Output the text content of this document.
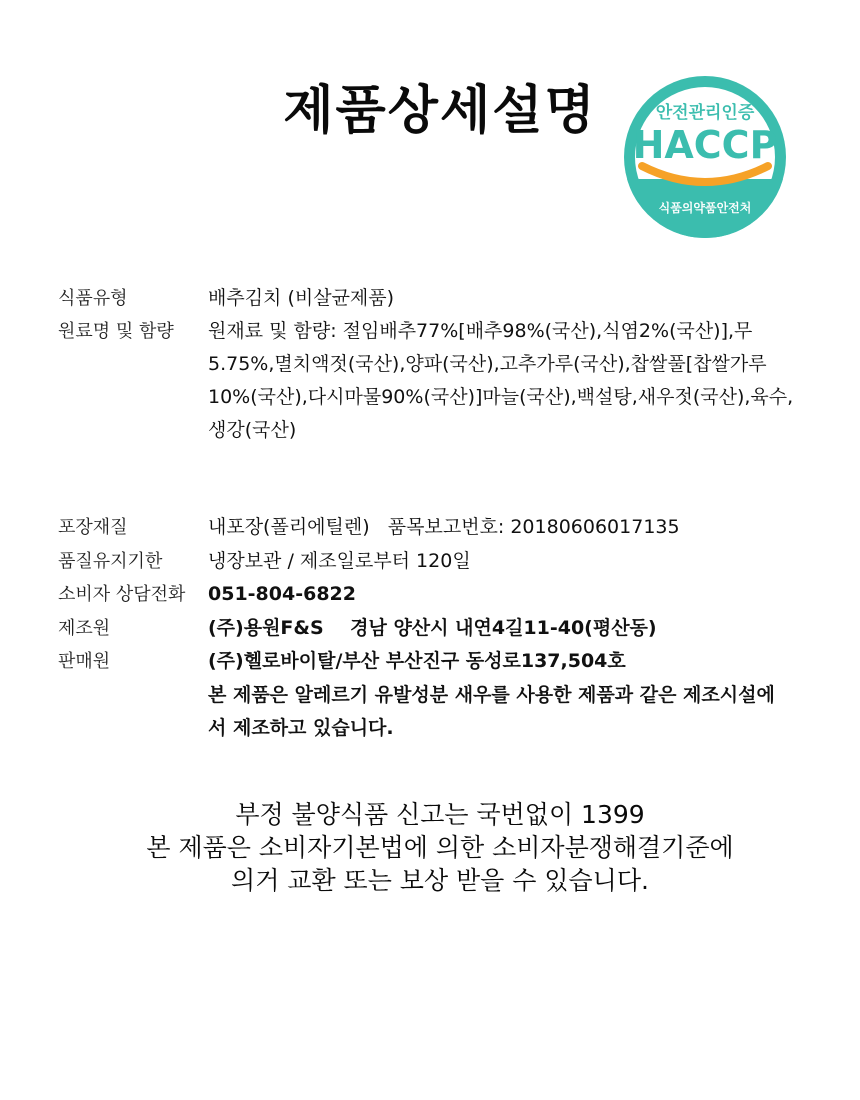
제품상세설명	안전관리인증
HACCP
식품의약품안전처
식품유형	배추김치 (비살균제품)
원료명 및 함량	원재료 및 함량: 절임배추77%[배추98%(국산),식염2%(국산)],무
5.75%,멸치액젓(국산),양파(국산),고추가루(국산),찹쌀풀[찹쌀가루
10%(국산),다시마물90%(국산)]마늘(국산),백설탕,새우젓(국산),육수,
생강(국산)
포장재질	내포장(폴리에틸렌)   품목보고번호: 20180606017135
품질유지기한	냉장보관 / 제조일로부터 120일
소비자 상담전화	051-804-6822
제조원	(주)용원F&S    경남 양산시 내연4길11-40(평산동)
판매원	(주)헬로바이탈/부산 부산진구 동성로137,504호
본 제품은 알레르기 유발성분 새우를 사용한 제품과 같은 제조시설에
서 제조하고 있습니다.
부정 불양식품 신고는 국번없이 1399
본 제품은 소비자기본법에 의한 소비자분쟁해결기준에
의거 교환 또는 보상 받을 수 있습니다.
